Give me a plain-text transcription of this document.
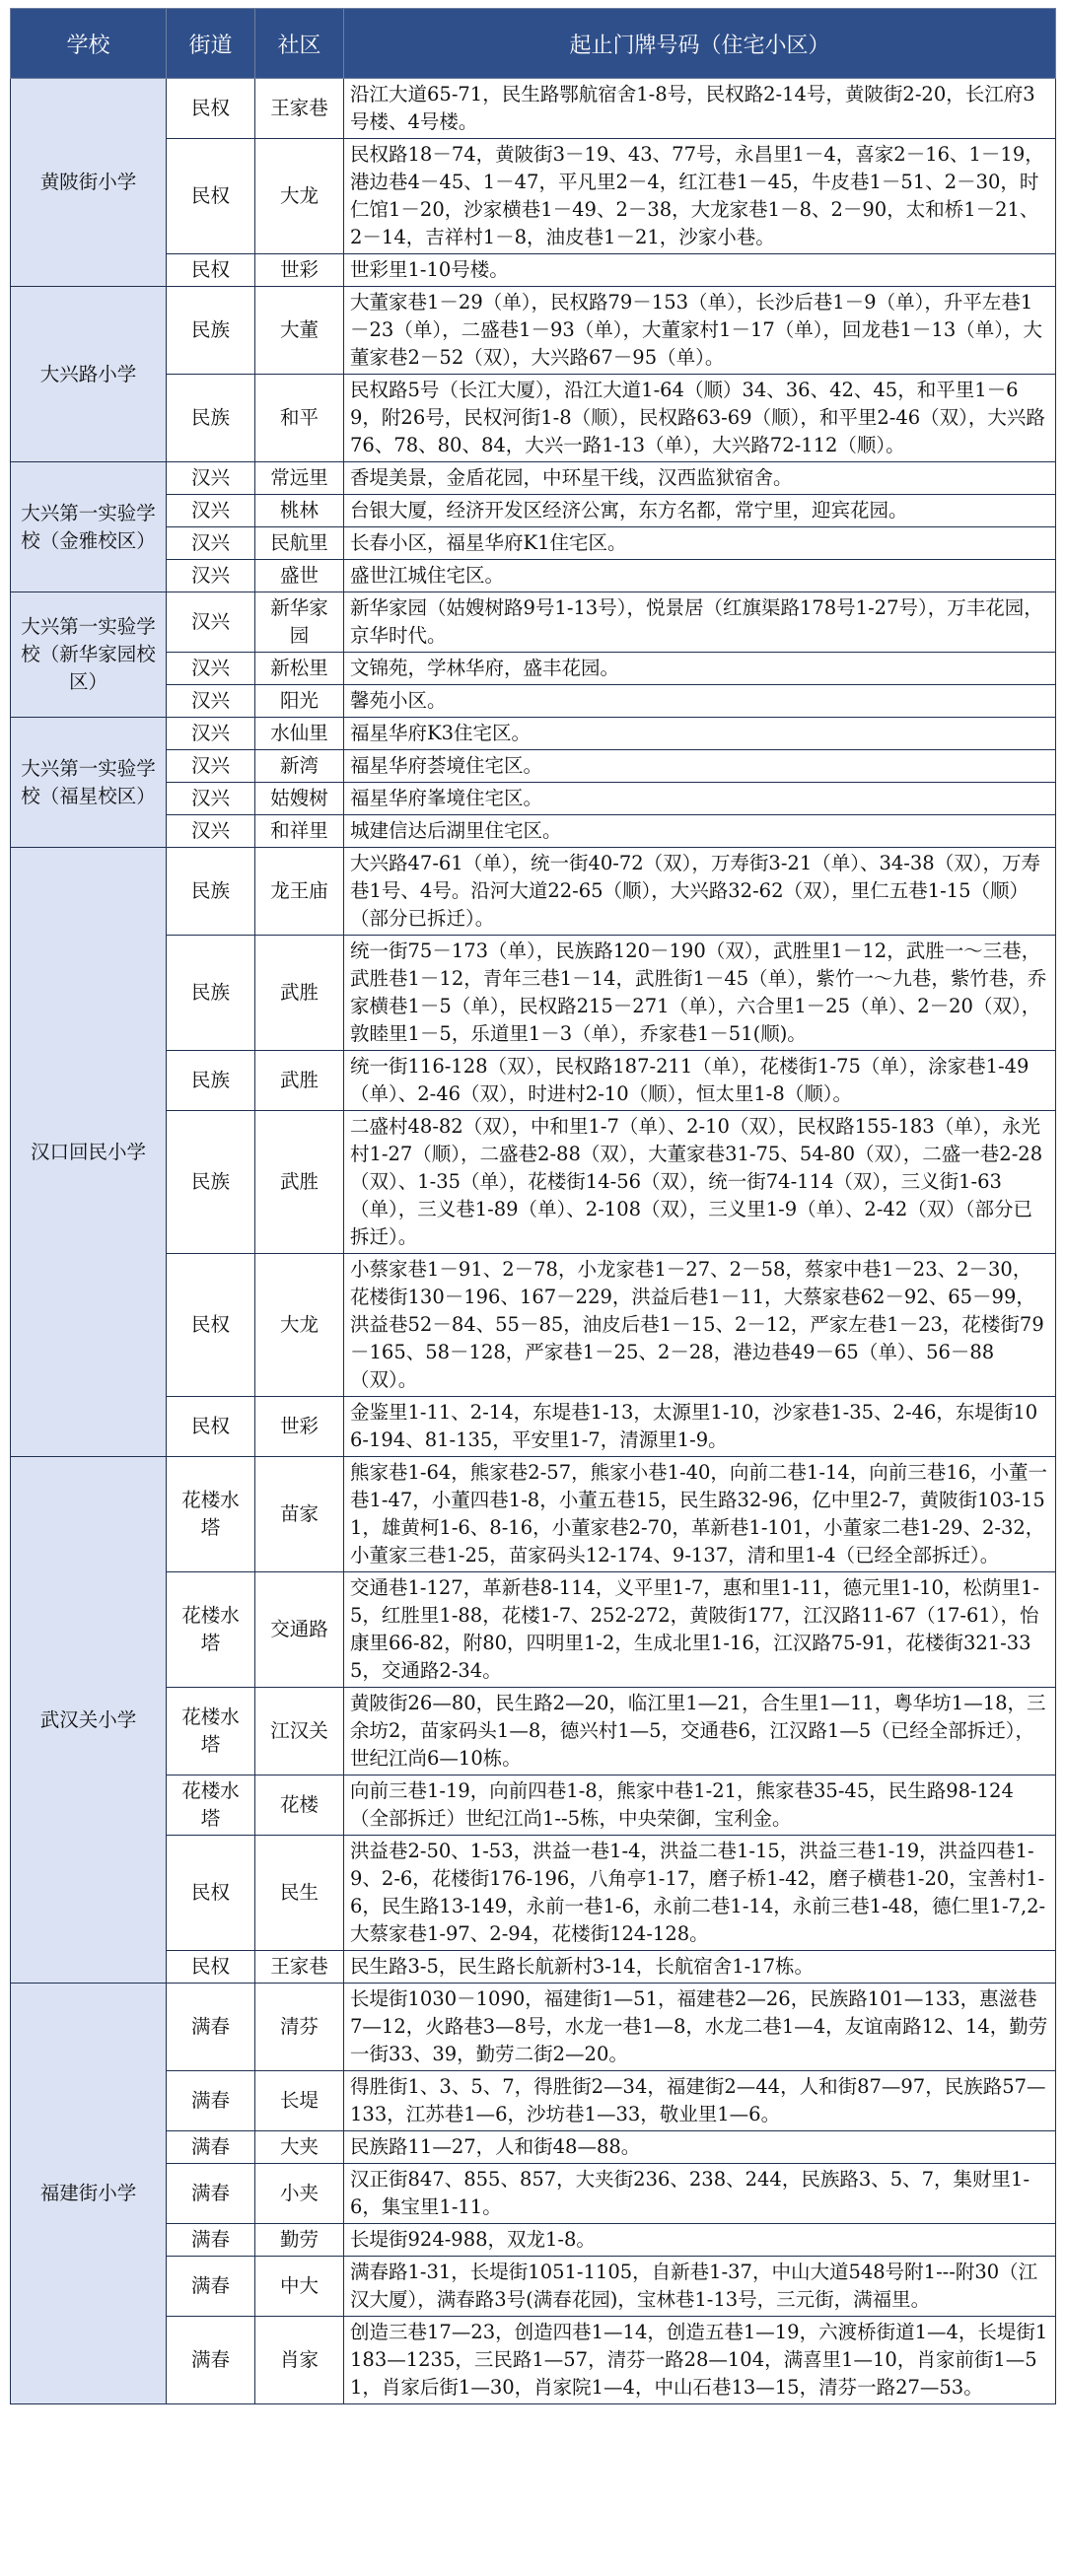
学校	街道	社区	起止门牌号码（住宅小区）
黄陂街小学	民权	王家巷	沿江大道65-71，民生路鄂航宿舍1-8号，民权路2-14号，黄陂街2-20，长江府3号楼、4号楼。
	民权	大龙	民权路18－74，黄陂街3－19、43、77号，永昌里1－4，喜家2－16、1－19，港边巷4－45、1－47，平凡里2－4，红江巷1－45，牛皮巷1－51、2－30，时仁馆1－20，沙家横巷1－49、2－38，大龙家巷1－8、2－90，太和桥1－21、2－14，吉祥村1－8，油皮巷1－21，沙家小巷。
	民权	世彩	世彩里1-10号楼。
大兴路小学	民族	大董	大董家巷1－29（单），民权路79－153（单），长沙后巷1－9（单），升平左巷1－23（单），二盛巷1－93（单），大董家村1－17（单），回龙巷1－13（单），大董家巷2－52（双），大兴路67－95（单）。
	民族	和平	民权路5号（长江大厦），沿江大道1-64（顺）34、36、42、45，和平里1－69，附26号，民权河街1-8（顺），民权路63-69（顺），和平里2-46（双），大兴路76、78、80、84，大兴一路1-13（单），大兴路72-112（顺）。
大兴第一实验学校（金雅校区）	汉兴	常远里	香堤美景，金盾花园，中环星干线，汉西监狱宿舍。
	汉兴	桃林	台银大厦，经济开发区经济公寓，东方名都，常宁里，迎宾花园。
	汉兴	民航里	长春小区，福星华府K1住宅区。
	汉兴	盛世	盛世江城住宅区。
大兴第一实验学校（新华家园校区）	汉兴	新华家园	新华家园（姑嫂树路9号1-13号），悦景居（红旗渠路178号1-27号），万丰花园，京华时代。
	汉兴	新松里	文锦苑，学林华府，盛丰花园。
	汉兴	阳光	馨苑小区。
大兴第一实验学校（福星校区）	汉兴	水仙里	福星华府K3住宅区。
	汉兴	新湾	福星华府荟境住宅区。
	汉兴	姑嫂树	福星华府峯境住宅区。
	汉兴	和祥里	城建信达后湖里住宅区。
汉口回民小学	民族	龙王庙	大兴路47-61（单），统一街40-72（双），万寿街3-21（单）、34-38（双），万寿巷1号、4号。沿河大道22-65（顺），大兴路32-62（双），里仁五巷1-15（顺）（部分已拆迁）。
	民族	武胜	统一街75－173（单），民族路120－190（双），武胜里1－12，武胜一～三巷，武胜巷1－12，青年三巷1－14，武胜街1－45（单），紫竹一～九巷，紫竹巷，乔家横巷1－5（单），民权路215－271（单），六合里1－25（单）、2－20（双），敦睦里1－5，乐道里1－3（单），乔家巷1－51(顺)。
	民族	武胜	统一街116-128（双），民权路187-211（单），花楼街1-75（单），涂家巷1-49（单）、2-46（双），时进村2-10（顺），恒太里1-8（顺）。
	民族	武胜	二盛村48-82（双），中和里1-7（单）、2-10（双），民权路155-183（单），永光村1-27（顺），二盛巷2-88（双），大董家巷31-75、54-80（双），二盛一巷2-28（双）、1-35（单），花楼街14-56（双），统一街74-114（双），三义街1-63（单），三义巷1-89（单）、2-108（双），三义里1-9（单）、2-42（双）（部分已拆迁）。
	民权	大龙	小蔡家巷1－91、2－78，小龙家巷1－27、2－58，蔡家中巷1－23、2－30，花楼街130－196、167－229，洪益后巷1－11，大蔡家巷62－92、65－99，洪益巷52－84、55－85，油皮后巷1－15、2－12，严家左巷1－23，花楼街79－165、58－128，严家巷1－25、2－28，港边巷49－65（单）、56－88（双）。
	民权	世彩	金鉴里1-11、2-14，东堤巷1-13，太源里1-10，沙家巷1-35、2-46，东堤街106-194、81-135，平安里1-7，清源里1-9。
武汉关小学	花楼水塔	苗家	熊家巷1-64，熊家巷2-57，熊家小巷1-40，向前二巷1-14，向前三巷16，小董一巷1-47，小董四巷1-8，小董五巷15，民生路32-96，亿中里2-7，黄陂街103-151，雄黄柯1-6、8-16，小董家巷2-70，革新巷1-101，小董家二巷1-29、2-32，小董家三巷1-25，苗家码头12-174、9-137，清和里1-4（已经全部拆迁）。
	花楼水塔	交通路	交通巷1-127，革新巷8-114，义平里1-7，惠和里1-11，德元里1-10，松荫里1-5，红胜里1-88，花楼1-7、252-272，黄陂街177，江汉路11-67（17-61），怡康里66-82，附80，四明里1-2，生成北里1-16，江汉路75-91，花楼街321-335，交通路2-34。
	花楼水塔	江汉关	黄陂街26—80，民生路2—20，临江里1—21，合生里1—11，粤华坊1—18，三余坊2，苗家码头1—8，德兴村1—5，交通巷6，江汉路1—5（已经全部拆迁），世纪江尚6—10栋。
	花楼水塔	花楼	向前三巷1-19，向前四巷1-8，熊家中巷1-21，熊家巷35-45，民生路98-124（全部拆迁）世纪江尚1--5栋，中央荣御，宝利金。
	民权	民生	洪益巷2-50、1-53，洪益一巷1-4，洪益二巷1-15，洪益三巷1-19，洪益四巷1-9、2-6，花楼街176-196，八角亭1-17，磨子桥1-42，磨子横巷1-20，宝善村1-6，民生路13-149，永前一巷1-6，永前二巷1-14，永前三巷1-48，德仁里1-7,2-大蔡家巷1-97、2-94，花楼街124-128。
	民权	王家巷	民生路3-5，民生路长航新村3-14，长航宿舍1-17栋。
福建街小学	满春	清芬	长堤街1030－1090，福建街1—51，福建巷2—26，民族路101—133，惠滋巷7—12，火路巷3—8号，水龙一巷1—8，水龙二巷1—4，友谊南路12、14，勤劳一街33、39，勤劳二街2—20。
	满春	长堤	得胜街1、3、5、7，得胜街2—34，福建街2—44，人和街87—97，民族路57—133，江苏巷1—6，沙坊巷1—33，敬业里1—6。
	满春	大夹	民族路11—27，人和街48—88。
	满春	小夹	汉正街847、855、857，大夹街236、238、244，民族路3、5、7，集财里1-6，集宝里1-11。
	满春	勤劳	长堤街924-988，双龙1-8。
	满春	中大	满春路1-31，长堤街1051-1105，自新巷1-37，中山大道548号附1---附30（江汉大厦），满春路3号(满春花园)，宝林巷1-13号，三元街，满福里。
	满春	肖家	创造三巷17—23，创造四巷1—14，创造五巷1—19，六渡桥街道1—4，长堤街1183—1235，三民路1—57，清芬一路28—104，满喜里1—10，肖家前街1—51，肖家后街1—30，肖家院1—4，中山石巷13—15，清芬一路27—53。
